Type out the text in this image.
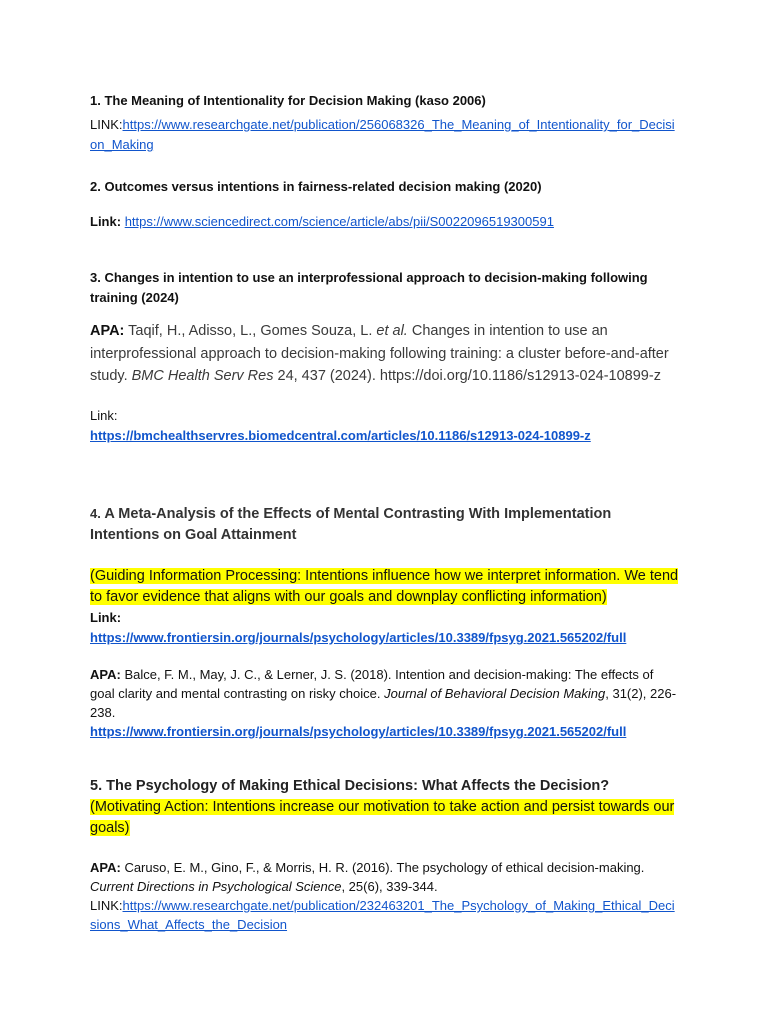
1. The Meaning of Intentionality for Decision Making (kaso 2006)

LINK:https://www.researchgate.net/publication/256068326_The_Meaning_of_Intentionality_for_Decision_Making

2. Outcomes versus intentions in fairness-related decision making (2020)

Link: https://www.sciencedirect.com/science/article/abs/pii/S0022096519300591

3. Changes in intention to use an interprofessional approach to decision-making following training (2024)

APA: Taqif, H., Adisso, L., Gomes Souza, L. et al. Changes in intention to use an interprofessional approach to decision-making following training: a cluster before-and-after study. BMC Health Serv Res 24, 437 (2024). https://doi.org/10.1186/s12913-024-10899-z

Link:

https://bmchealthservres.biomedcentral.com/articles/10.1186/s12913-024-10899-z

4. A Meta-Analysis of the Effects of Mental Contrasting With Implementation Intentions on Goal Attainment

(Guiding Information Processing: Intentions influence how we interpret information. We tend to favor evidence that aligns with our goals and downplay conflicting information)

Link:

https://www.frontiersin.org/journals/psychology/articles/10.3389/fpsyg.2021.565202/full

APA: Balce, F. M., May, J. C., & Lerner, J. S. (2018). Intention and decision-making: The effects of goal clarity and mental contrasting on risky choice. Journal of Behavioral Decision Making, 31(2), 226-238.

https://www.frontiersin.org/journals/psychology/articles/10.3389/fpsyg.2021.565202/full

5. The Psychology of Making Ethical Decisions: What Affects the Decision?

(Motivating Action: Intentions increase our motivation to take action and persist towards our goals)

APA: Caruso, E. M., Gino, F., & Morris, H. R. (2016). The psychology of ethical decision-making. Current Directions in Psychological Science, 25(6), 339-344.

LINK:https://www.researchgate.net/publication/232463201_The_Psychology_of_Making_Ethical_Decisions_What_Affects_the_Decision
